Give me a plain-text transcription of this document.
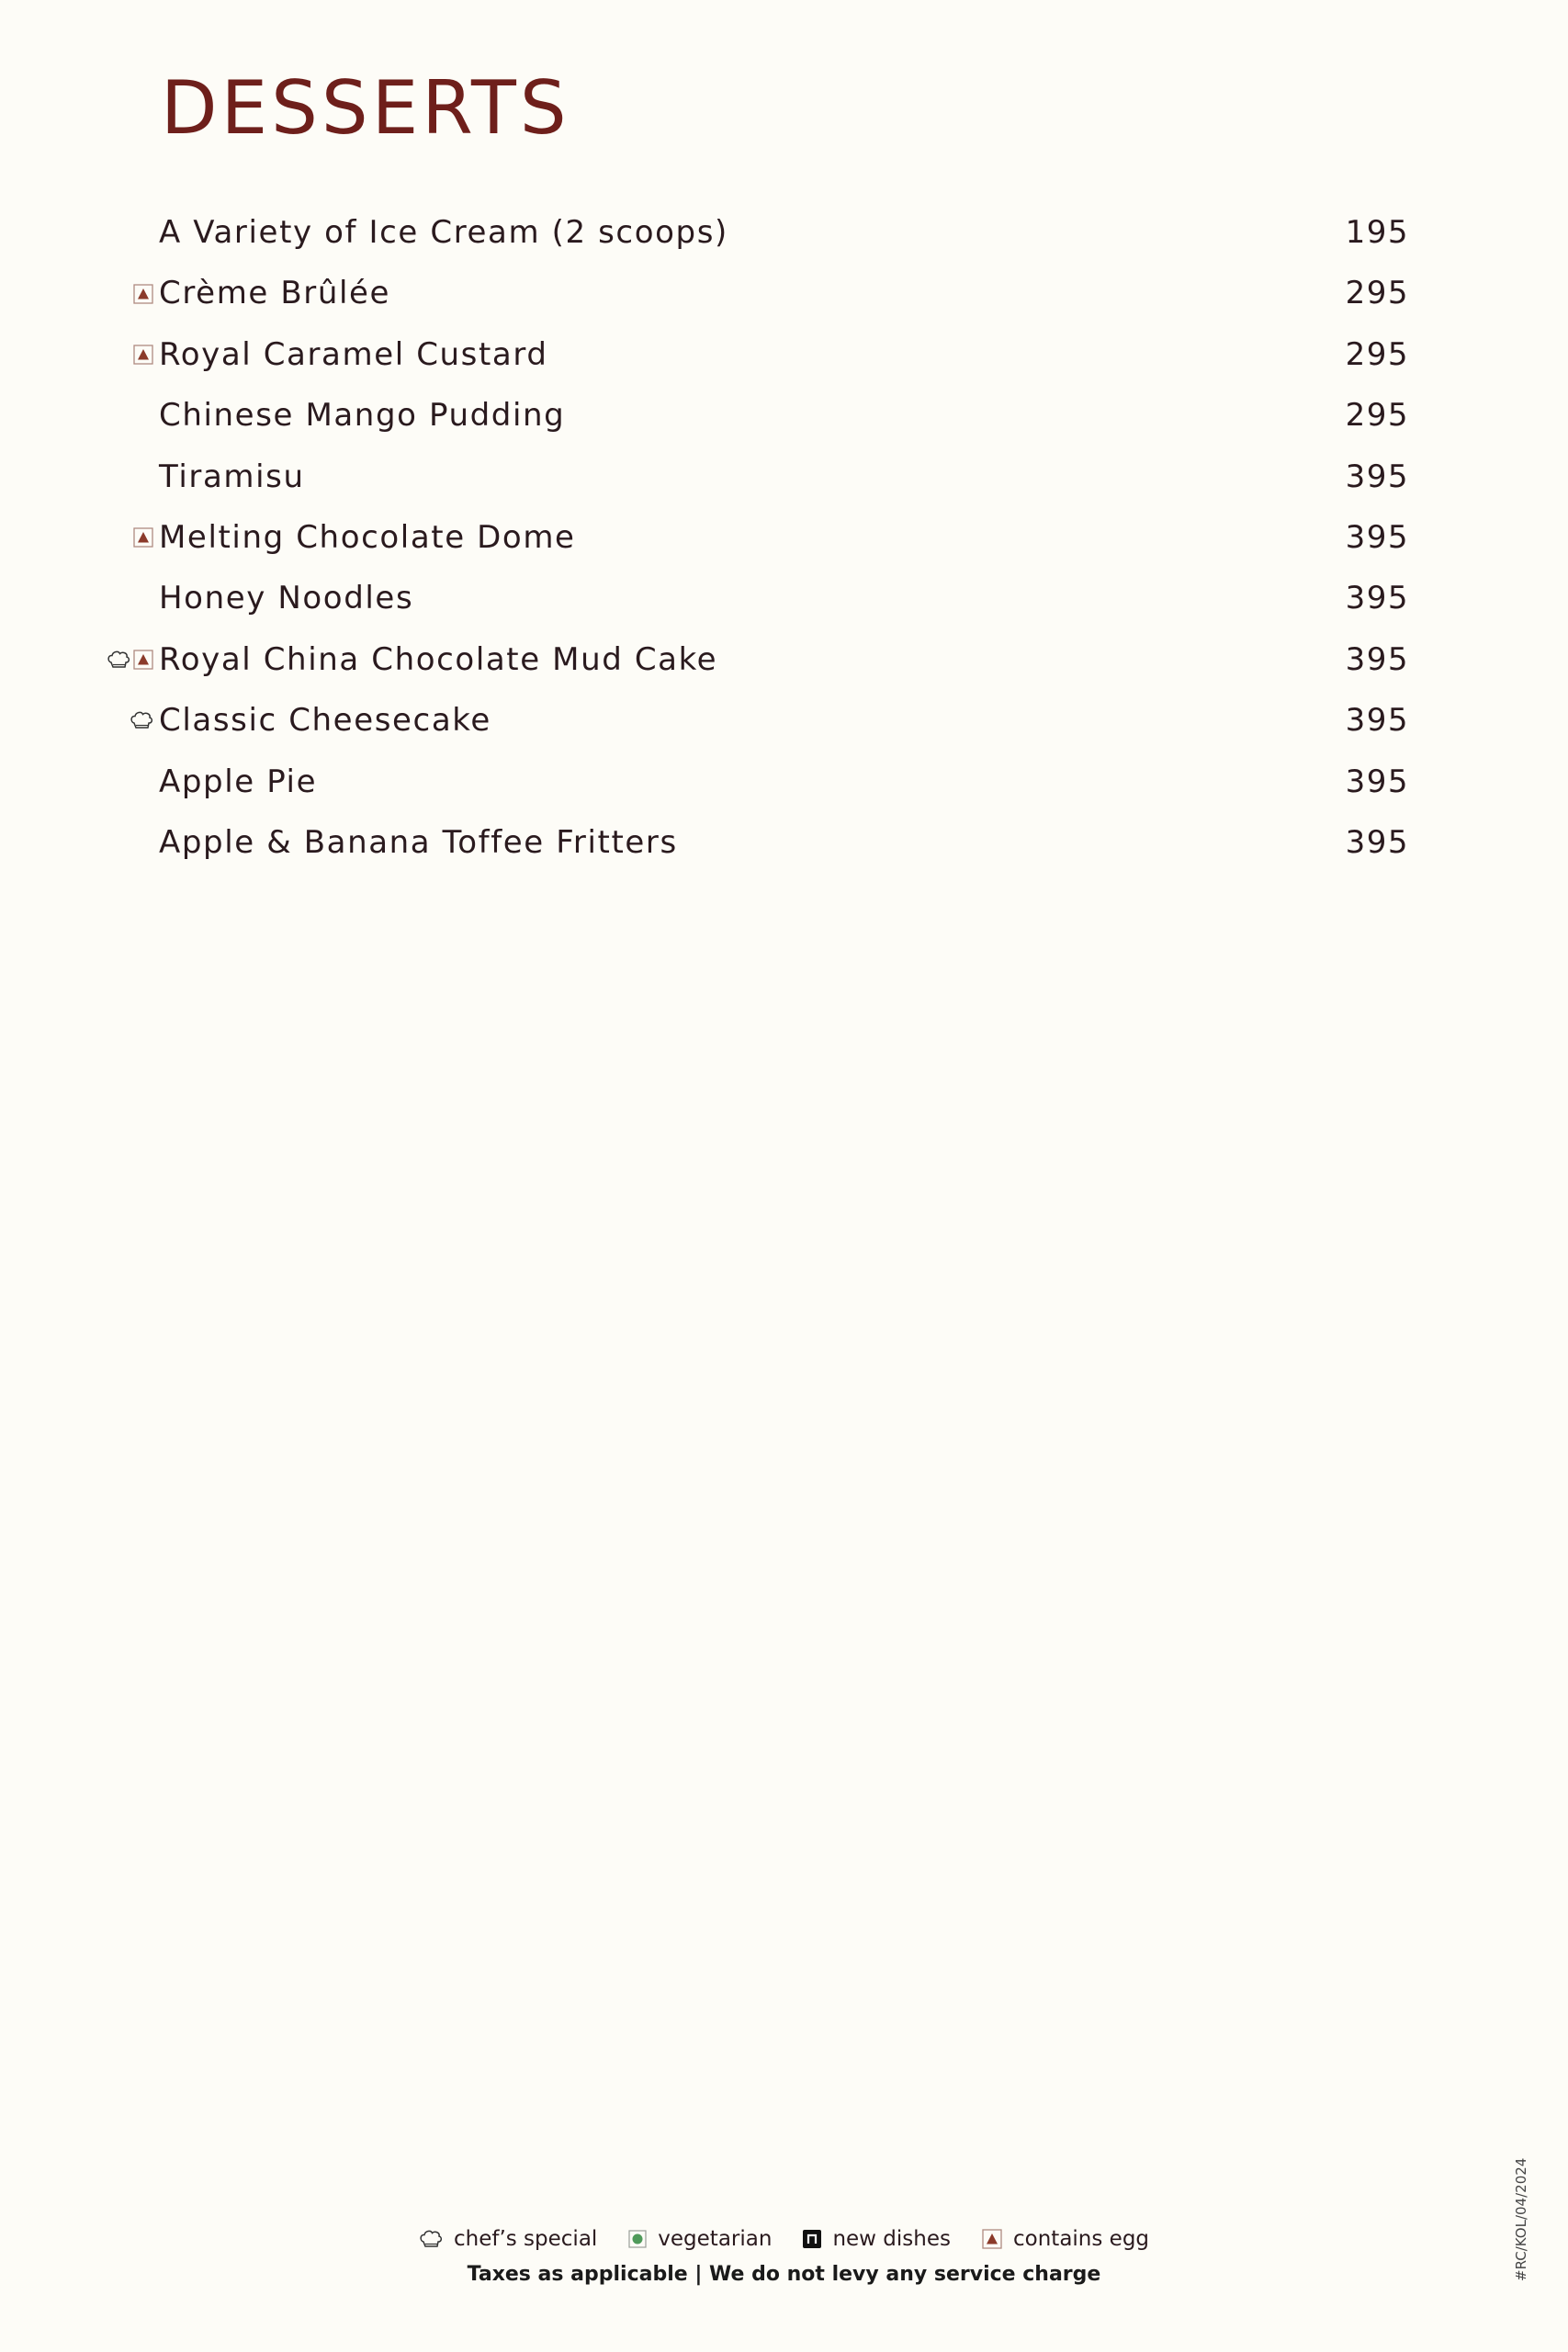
DESSERTS
A Variety of Ice Cream (2 scoops)	195
Crème Brûlée	295
Royal Caramel Custard	295
Chinese Mango Pudding	295
Tiramisu	395
Melting Chocolate Dome	395
Honey Noodles	395
Royal China Chocolate Mud Cake	395
Classic Cheesecake	395
Apple Pie	395
Apple & Banana Toffee Fritters	395
chef’s special	vegetarian	new dishes	contains egg
Taxes as applicable | We do not levy any service charge	#RC/KOL/04/2024
